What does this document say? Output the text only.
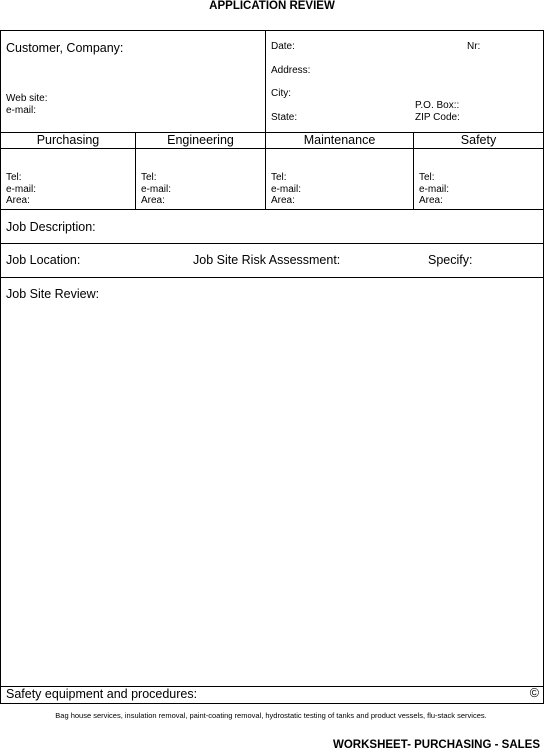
APPLICATION REVIEW
Customer, Company:
Web site:
e-mail:
Date:	Nr:
Address:
City:
P.O. Box::
State:	ZIP Code:
Purchasing	Engineering	Maintenance	Safety
Tel:
e-mail:
Area:
Tel:
e-mail:
Area:
Tel:
e-mail:
Area:
Tel:
e-mail:
Area:
Job Description:
Job Location:	Job Site Risk Assessment:	Specify:
Job Site Review:
Safety equipment and procedures:	©
Bag house services, insulation removal, paint-coating removal, hydrostatic testing of tanks and product vessels, flu-stack services.
WORKSHEET- PURCHASING - SALES
